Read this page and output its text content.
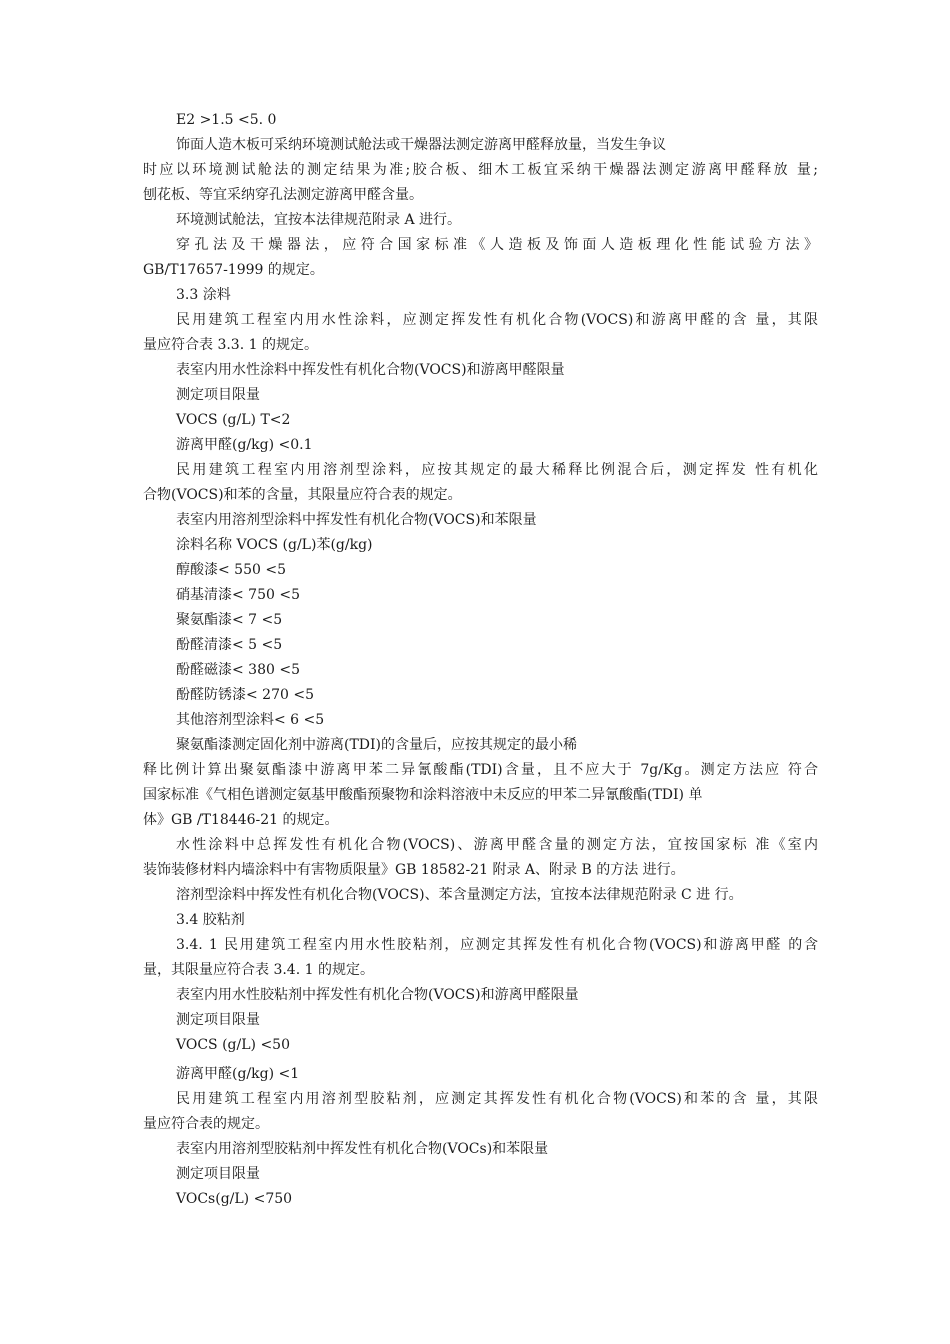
E2 >1.5 <5. 0
饰面人造木板可采纳环境测试舱法或干燥器法测定游离甲醛释放量，当发生争议
时应以环境测试舱法的测定结果为准;胶合板、细木工板宜采纳干燥器法测定游离甲醛释放 量;
刨花板、等宜采纳穿孔法测定游离甲醛含量。
环境测试舱法，宜按本法律规范附录 A 进行。
穿孔法及干燥器法，应符合国家标准《人造板及饰面人造板理化性能试验方法》
GB/T17657-1999 的规定。
3.3 涂料
民用建筑工程室内用水性涂料，应测定挥发性有机化合物(VOCS)和游离甲醛的含 量，其限
量应符合表 3.3. 1 的规定。
表室内用水性涂料中挥发性有机化合物(VOCS)和游离甲醛限量
测定项目限量
VOCS (g/L) T<2
游离甲醛(g/kg) <0.1
民用建筑工程室内用溶剂型涂料，应按其规定的最大稀释比例混合后，测定挥发 性有机化
合物(VOCS)和苯的含量，其限量应符合表的规定。
表室内用溶剂型涂料中挥发性有机化合物(VOCS)和苯限量
涂料名称 VOCS (g/L)苯(g/kg)
醇酸漆< 550 <5
硝基清漆< 750 <5
聚氨酯漆< 7 <5
酚醛清漆< 5 <5
酚醛磁漆< 380 <5
酚醛防锈漆< 270 <5
其他溶剂型涂料< 6 <5
聚氨酯漆测定固化剂中游离(TDI)的含量后，应按其规定的最小稀
释比例计算出聚氨酯漆中游离甲苯二异氰酸酯(TDI)含量，且不应大于 7g/Kg。测定方法应 符合
国家标准《气相色谱测定氨基甲酸酯预聚物和涂料溶液中未反应的甲苯二异氰酸酯(TDI) 单
体》GB /T18446-21 的规定。
水性涂料中总挥发性有机化合物(VOCS)、游离甲醛含量的测定方法，宜按国家标 准《室内
装饰装修材料内墙涂料中有害物质限量》GB 18582-21 附录 A、附录 B 的方法 进行。
溶剂型涂料中挥发性有机化合物(VOCS)、苯含量测定方法，宜按本法律规范附录 C 进 行。
3.4 胶粘剂
3.4. 1 民用建筑工程室内用水性胶粘剂，应测定其挥发性有机化合物(VOCS)和游离甲醛 的含
量，其限量应符合表 3.4. 1 的规定。
表室内用水性胶粘剂中挥发性有机化合物(VOCS)和游离甲醛限量
测定项目限量
VOCS (g/L) <50
游离甲醛(g/kg) <1
民用建筑工程室内用溶剂型胶粘剂，应测定其挥发性有机化合物(VOCS)和苯的含 量，其限
量应符合表的规定。
表室内用溶剂型胶粘剂中挥发性有机化合物(VOCs)和苯限量
测定项目限量
VOCs(g/L) <750
